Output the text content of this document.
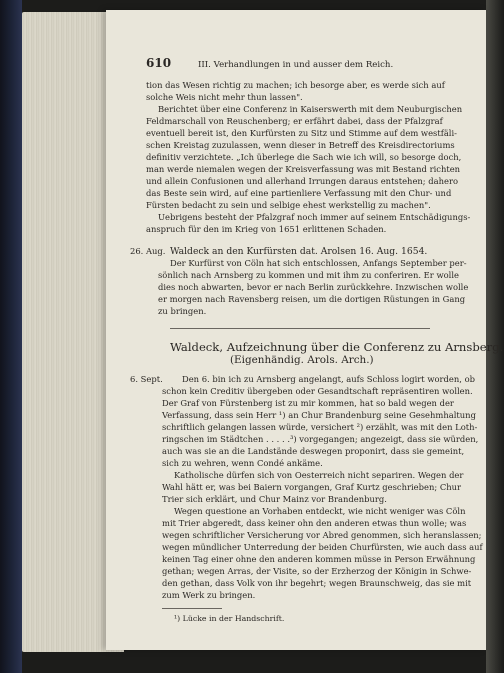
610	III. Verhandlungen in und ausser dem Reich.
tion das Wesen richtig zu machen; ich besorge aber, es werde sich auf
solche Weis nicht mehr thun lassen".
Berichtet über eine Conferenz in Kaiserswerth mit dem Neuburgischen
Feldmarschall von Reuschenberg; er erfährt dabei, dass der Pfalzgraf
eventuell bereit ist, den Kurfürsten zu Sitz und Stimme auf dem westfäli-
schen Kreistag zuzulassen, wenn dieser in Betreff des Kreisdirectoriums
definitiv verzichtete. „Ich überlege die Sach wie ich will, so besorge doch,
man werde niemalen wegen der Kreisverfassung was mit Bestand richten
und allein Confusionen und allerhand Irrungen daraus entstehen; dahero
das Beste sein wird, auf eine partienliere Verfassung mit den Chur- und
Fürsten bedacht zu sein und selbige ehest werkstellig zu machen".
Uebrigens besteht der Pfalzgraf noch immer auf seinem Entschädigungs-
anspruch für den im Krieg von 1651 erlittenen Schaden.
26. Aug. Waldeck an den Kurfürsten dat. Arolsen 16. Aug. 1654.
Der Kurfürst von Cöln hat sich entschlossen, Anfangs September per-
sönlich nach Arnsberg zu kommen und mit ihm zu conferiren. Er wolle
dies noch abwarten, bevor er nach Berlin zurückkehre. Inzwischen wolle
er morgen nach Ravensberg reisen, um die dortigen Rüstungen in Gang
zu bringen.
Waldeck, Aufzeichnung über die Conferenz zu Arnsberg.
(Eigenhändig. Arols. Arch.)
6. Sept. Den 6. bin ich zu Arnsberg angelangt, aufs Schloss logirt worden, ob
schon kein Creditiv übergeben oder Gesandtschaft repräsentiren wollen.
Der Graf von Fürstenberg ist zu mir kommen, hat so bald wegen der
Verfassung, dass sein Herr ¹) an Chur Brandenburg seine Gesehmhaltung
schriftlich gelangen lassen würde, versichert ²) erzählt, was mit den Loth-
ringschen im Städtchen . . . . .³) vorgegangen; angezeigt, dass sie würden,
auch was sie an die Landstände deswegen proponirt, dass sie gemeint,
sich zu wehren, wenn Condé ankäme.
Katholische dürfen sich von Oesterreich nicht separiren. Wegen der
Wahl hätt er, was bei Baiern vorgangen, Graf Kurtz geschrieben; Chur
Trier sich erklärt, und Chur Mainz vor Brandenburg.
Wegen questione an Vorhaben entdeckt, wie nicht weniger was Cöln
mit Trier abgeredt, dass keiner ohn den anderen etwas thun wolle; was
wegen schriftlicher Versicherung vor Abred genommen, sich heranslassen;
wegen mündlicher Unterredung der beiden Churfürsten, wie auch dass auf
keinen Tag einer ohne den anderen kommen müsse in Person Erwähnung
gethan; wegen Arras, der Visite, so der Erzherzog der Königin in Schwe-
den gethan, dass Volk von ihr begehrt; wegen Braunschweig, das sie mit
zum Werk zu bringen.
¹) Lücke in der Handschrift.
